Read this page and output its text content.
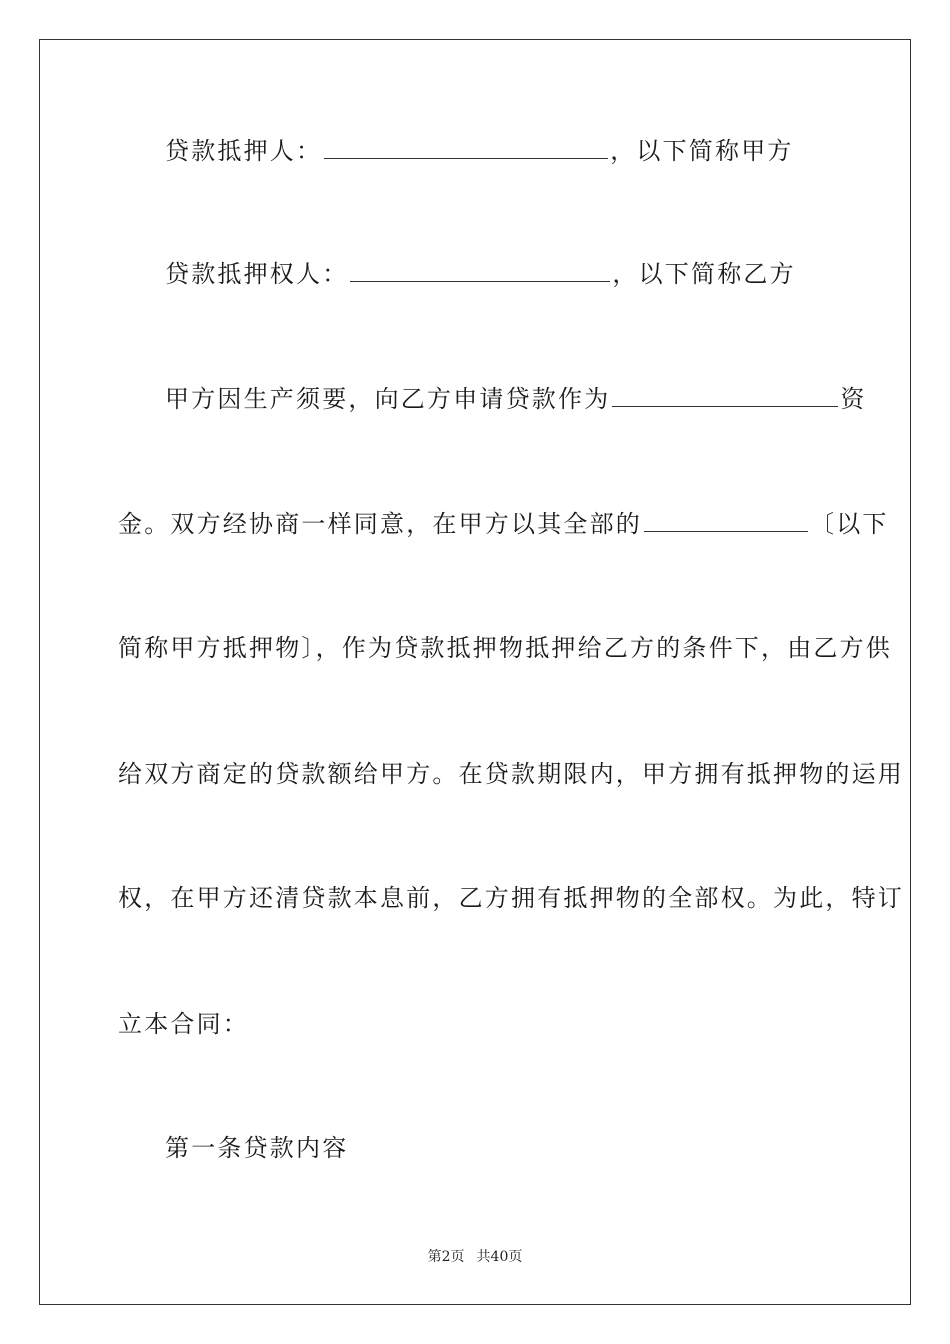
贷款抵押人：	，以下简称甲方
贷款抵押权人：	，以下简称乙方
甲方因生产须要，向乙方申请贷款作为	资
金。双方经协商一样同意，在甲方以其全部的	〔以下
简称甲方抵押物〕，作为贷款抵押物抵押给乙方的条件下，由乙方供
给双方商定的贷款额给甲方。在贷款期限内，甲方拥有抵押物的运用
权，在甲方还清贷款本息前，乙方拥有抵押物的全部权。为此，特订
立本合同：
第一条贷款内容
第2页 共40页
